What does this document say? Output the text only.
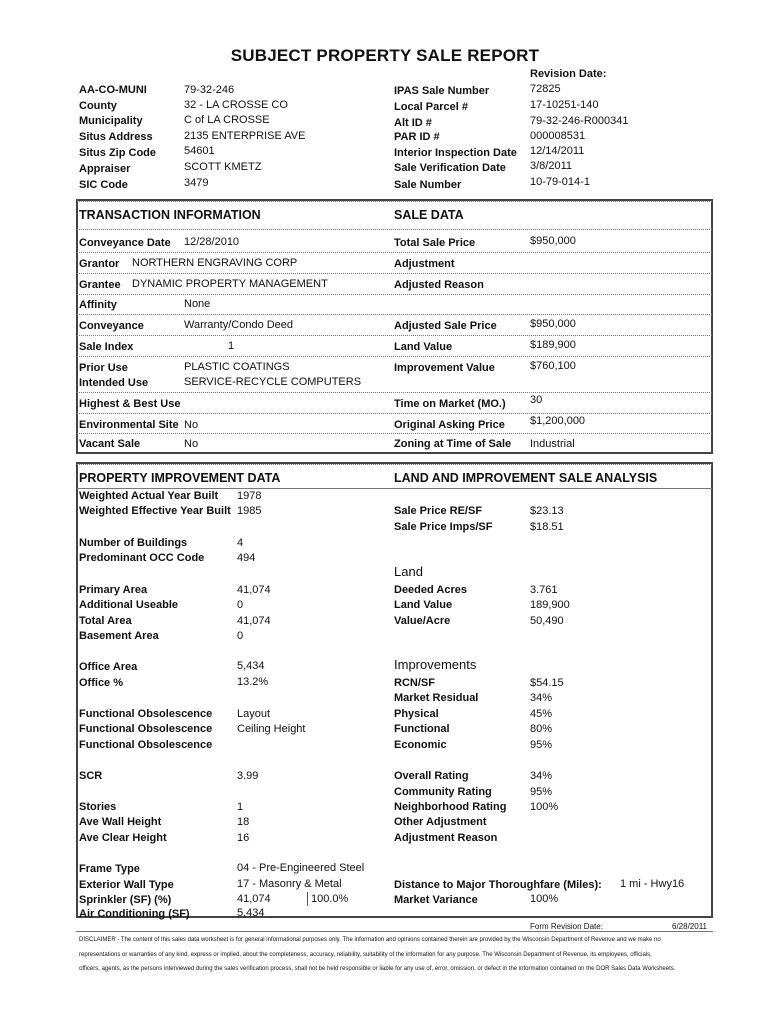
SUBJECT PROPERTY SALE REPORT
Revision Date:
AA-CO-MUNI	79-32-246
County	32 - LA CROSSE CO
Municipality	C of LA CROSSE
Situs Address	2135 ENTERPRISE AVE
Situs Zip Code	54601
Appraiser	SCOTT KMETZ
SIC Code	3479
IPAS Sale Number	72825
Local Parcel #	17-10251-140
Alt ID #	79-32-246-R000341
PAR ID #	000008531
Interior Inspection Date 12/14/2011
Sale Verification Date 3/8/2011
Sale Number	10-79-014-1
TRANSACTION INFORMATION	SALE DATA
Conveyance Date 12/28/2010	Total Sale Price	$950,000
Grantor NORTHERN ENGRAVING CORP	Adjustment
Grantee DYNAMIC PROPERTY MANAGEMENT	Adjusted Reason
Affinity	None
Conveyance	Warranty/Condo Deed	Adjusted Sale Price	$950,000
Sale Index	1	Land Value	$189,900
Prior Use	PLASTIC COATINGS	Improvement Value	$760,100
Intended Use	SERVICE-RECYCLE COMPUTERS
Highest & Best Use	Time on Market (MO.) 30
Environmental Site No	Original Asking Price $1,200,000
Vacant Sale	No	Zoning at Time of Sale Industrial
PROPERTY IMPROVEMENT DATA	LAND AND IMPROVEMENT SALE ANALYSIS
Weighted Actual Year Built 1978
Weighted Effective Year Built 1985
Number of Buildings	4
Predominant OCC Code	494
Primary Area	41,074
Additional Useable	0
Total Area	41,074
Basement Area	0
Office Area	5,434
Office %	13.2%
Functional Obsolescence Layout
Functional Obsolescence Ceiling Height
Functional Obsolescence
SCR	3.99
Stories	1
Ave Wall Height	18
Ave Clear Height	16
Frame Type	04 - Pre-Engineered Steel
Exterior Wall Type	17 - Masonry & Metal
Sprinkler (SF) (%)	41,074	100.0%
Air Conditioning (SF)	5,434
Sale Price RE/SF	$23.13
Sale Price Imps/SF	$18.51
Land
Deeded Acres	3.761
Land Value	189,900
Value/Acre	50,490
Improvements
RCN/SF	$54.15
Market Residual	34%
Physical	45%
Functional	80%
Economic	95%
Overall Rating	34%
Community Rating	95%
Neighborhood Rating 100%
Other Adjustment
Adjustment Reason
Distance to Major Thoroughfare (Miles): 1 mi - Hwy16
Market Variance	100%
Form Revision Date:	6/28/2011
DISCLAIMER - The content of this sales data worksheet is for general informational purposes only. The information and opinions contained therein are provided by the Wisconsin Department of Revenue and we make no
representations or warranties of any kind, express or implied, about the completeness, accuracy, reliability, suitability of the information for any purpose. The Wisconsin Department of Revenue, its employees, officials,
officers, agents, as the persons interviewed during the sales verification process, shall not be held responsible or liable for any use of, error, omission, or defect in the information contained on the DOR Sales Data Worksheets.
